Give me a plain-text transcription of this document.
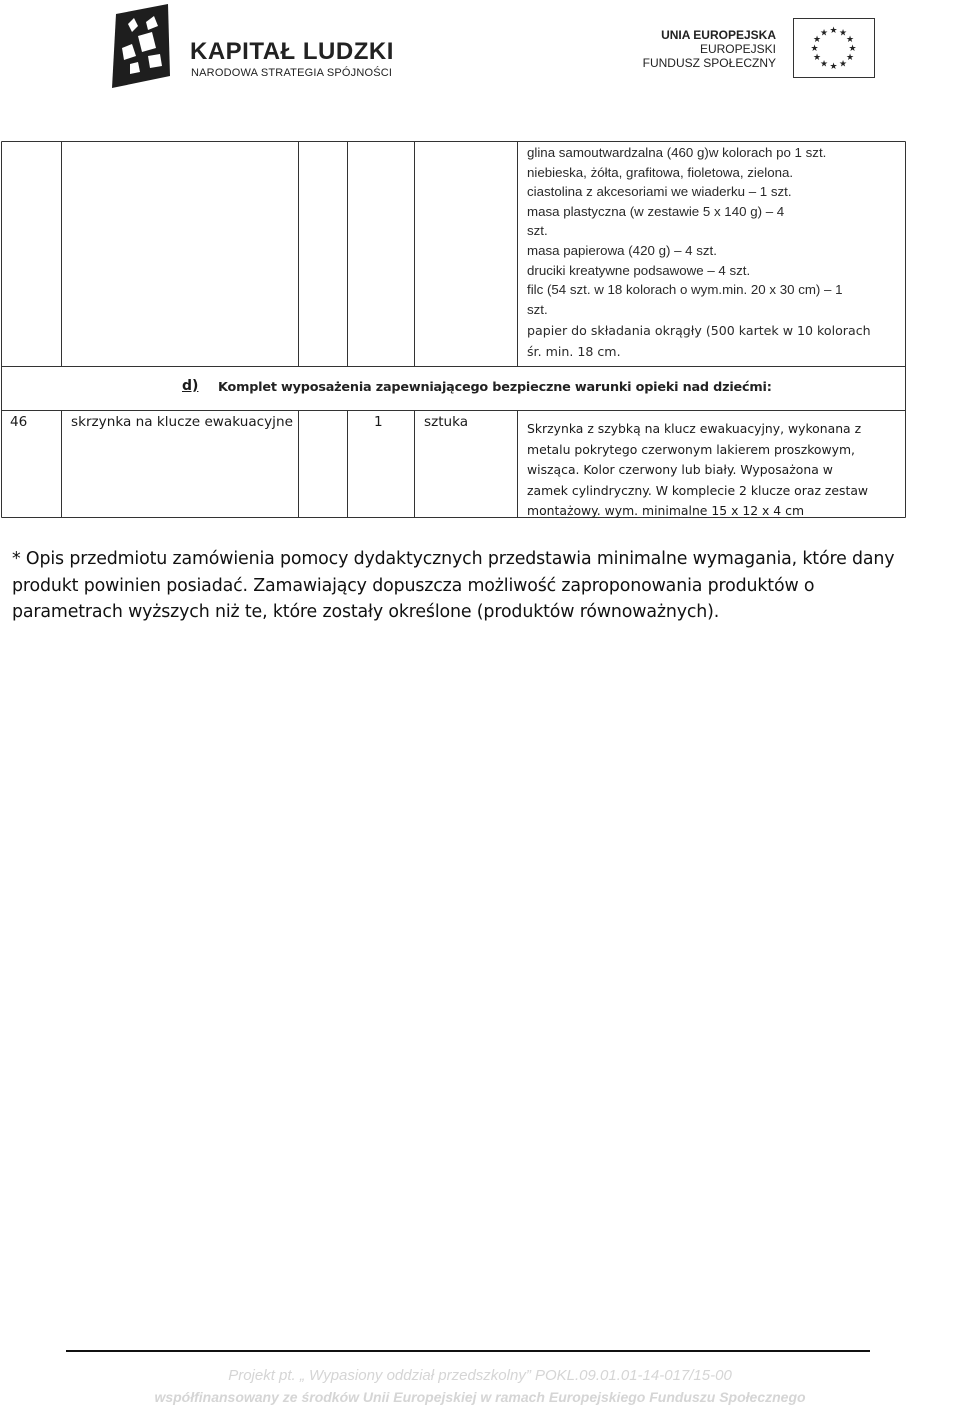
KAPITAŁ LUDZKI
NARODOWA STRATEGIA SPÓJNOŚCI
UNIA EUROPEJSKA
EUROPEJSKI
FUNDUSZ SPOŁECZNY
★ ★
★
★
★
★
★
★
★
★
★
★
glina samoutwardzalna (460 g)w kolorach po 1 szt.
niebieska, żółta, grafitowa, fioletowa, zielona.
ciastolina z akcesoriami we wiaderku – 1 szt.
masa plastyczna (w zestawie 5 x 140 g) – 4
szt.
masa papierowa (420 g) – 4 szt.
druciki kreatywne podsawowe – 4 szt.
filc (54 szt. w 18 kolorach o wym.min. 20 x 30 cm) – 1
szt.
papier do składania okrągły (500 kartek w 10 kolorach
śr. min. 18 cm.
d) Komplet wyposażenia zapewniającego bezpieczne warunki opieki nad dziećmi:
46	skrzynka na klucze ewakuacyjne	1	sztuka	Skrzynka z szybką na klucz ewakuacyjny, wykonana z
metalu pokrytego czerwonym lakierem proszkowym,
wisząca. Kolor czerwony lub biały. Wyposażona w
zamek cylindryczny. W komplecie 2 klucze oraz zestaw
montażowy. wym. minimalne 15 x 12 x 4 cm
* Opis przedmiotu zamówienia pomocy dydaktycznych przedstawia minimalne wymagania, które dany
produkt powinien posiadać. Zamawiający dopuszcza możliwość zaproponowania produktów o
parametrach wyższych niż te, które zostały określone (produktów równoważnych).
Projekt pt. „ Wypasiony oddział przedszkolny” POKL.09.01.01-14-017/15-00
współfinansowany ze środków Unii Europejskiej w ramach Europejskiego Funduszu Społecznego
